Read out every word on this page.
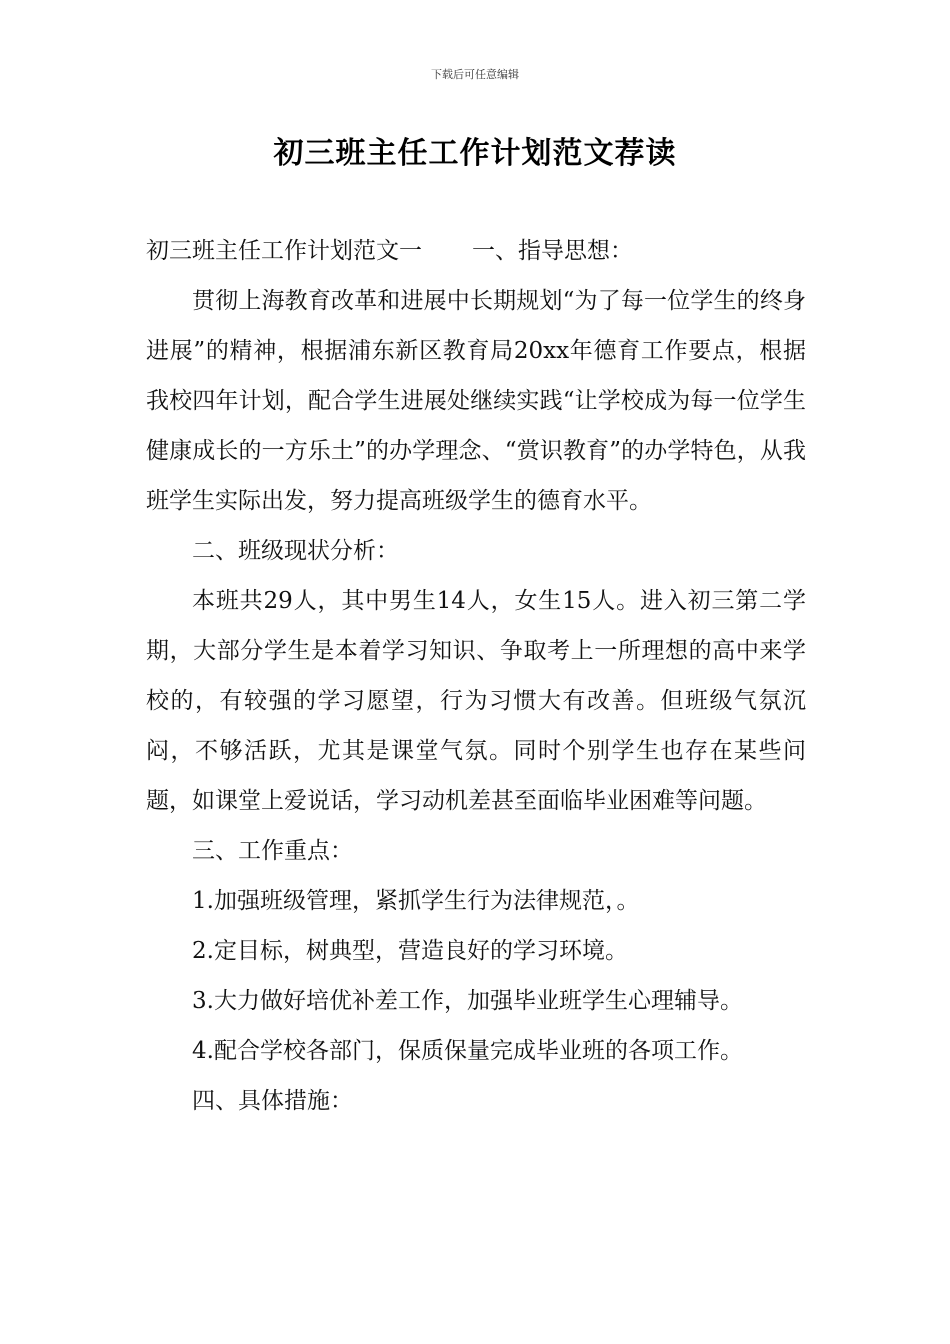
下载后可任意编辑
初三班主任工作计划范文荐读

初三班主任工作计划范文一 一、指导思想：

贯彻上海教育改革和进展中长期规划“为了每一位学生的终身进展”的精神，根据浦东新区教育局20xx年德育工作要点，根据我校四年计划，配合学生进展处继续实践“让学校成为每一位学生健康成长的一方乐土”的办学理念、“赏识教育”的办学特色，从我班学生实际出发，努力提高班级学生的德育水平。

二、班级现状分析：

本班共29人，其中男生14人，女生15人。进入初三第二学期，大部分学生是本着学习知识、争取考上一所理想的高中来学校的，有较强的学习愿望，行为习惯大有改善。但班级气氛沉闷，不够活跃，尤其是课堂气氛。同时个别学生也存在某些问题，如课堂上爱说话，学习动机差甚至面临毕业困难等问题。

三、工作重点：

1.加强班级管理，紧抓学生行为法律规范，。

2.定目标，树典型，营造良好的学习环境。

3.大力做好培优补差工作，加强毕业班学生心理辅导。

4.配合学校各部门，保质保量完成毕业班的各项工作。

四、具体措施：
